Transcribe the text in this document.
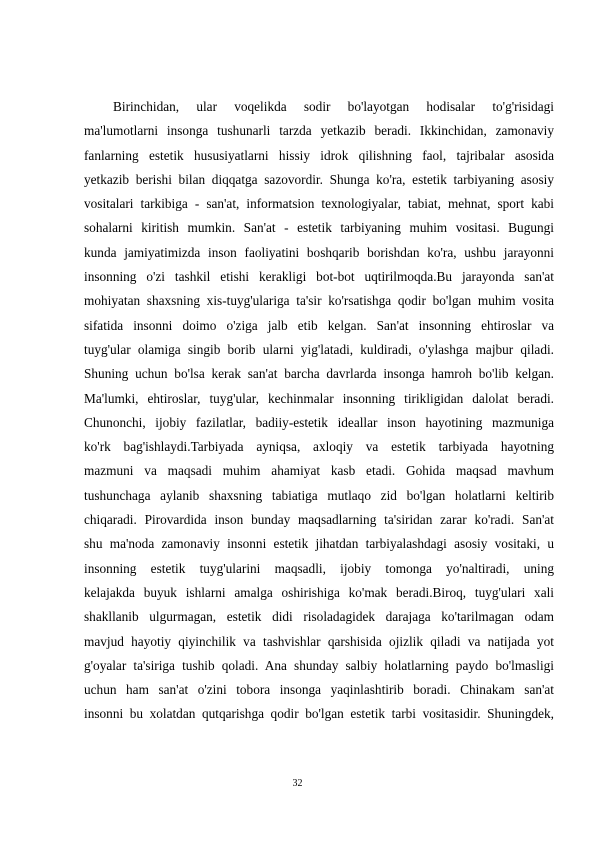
Birinchidan, ular voqelikda sodir bo'layotgan hodisalar to'g'risidagi
ma'lumotlarni insonga tushunarli tarzda yetkazib beradi. Ikkinchidan, zamonaviy
fanlarning estetik hususiyatlarni hissiy idrok qilishning faol, tajribalar asosida
yetkazib berishi bilan diqqatga sazovordir. Shunga ko'ra, estetik tarbiyaning asosiy
vositalari tarkibiga - san'at, informatsion texnologiyalar, tabiat, mehnat, sport kabi
sohalarni kiritish mumkin. San'at - estetik tarbiyaning muhim vositasi. Bugungi
kunda jamiyatimizda inson faoliyatini boshqarib borishdan ko'ra, ushbu jarayonni
insonning o'zi tashkil etishi kerakligi bot-bot uqtirilmoqda.Bu jarayonda san'at
mohiyatan shaxsning xis-tuyg'ulariga ta'sir ko'rsatishga qodir bo'lgan muhim vosita
sifatida insonni doimo o'ziga jalb etib kelgan. San'at insonning ehtiroslar va
tuyg'ular olamiga singib borib ularni yig'latadi, kuldiradi, o'ylashga majbur qiladi.
Shuning uchun bo'lsa kerak san'at barcha davrlarda insonga hamroh bo'lib kelgan.
Ma'lumki, ehtiroslar, tuyg'ular, kechinmalar insonning tirikligidan dalolat beradi.
Chunonchi, ijobiy fazilatlar, badiiy-estetik ideallar inson hayotining mazmuniga
ko'rk bag'ishlaydi.Tarbiyada ayniqsa, axloqiy va estetik tarbiyada hayotning
mazmuni va maqsadi muhim ahamiyat kasb etadi. Gohida maqsad mavhum
tushunchaga aylanib shaxsning tabiatiga mutlaqo zid bo'lgan holatlarni keltirib
chiqaradi. Pirovardida inson bunday maqsadlarning ta'siridan zarar ko'radi. San'at
shu ma'noda zamonaviy insonni estetik jihatdan tarbiyalashdagi asosiy vositaki, u
insonning estetik tuyg'ularini maqsadli, ijobiy tomonga yo'naltiradi, uning
kelajakda buyuk ishlarni amalga oshirishiga ko'mak beradi.Biroq, tuyg'ulari xali
shakllanib ulgurmagan, estetik didi risoladagidek darajaga ko'tarilmagan odam
mavjud hayotiy qiyinchilik va tashvishlar qarshisida ojizlik qiladi va natijada yot
g'oyalar ta'siriga tushib qoladi. Ana shunday salbiy holatlarning paydo bo'lmasligi
uchun ham san'at o'zini tobora insonga yaqinlashtirib boradi. Chinakam san'at
insonni bu xolatdan qutqarishga qodir bo'lgan estetik tarbi vositasidir. Shuningdek,
32
